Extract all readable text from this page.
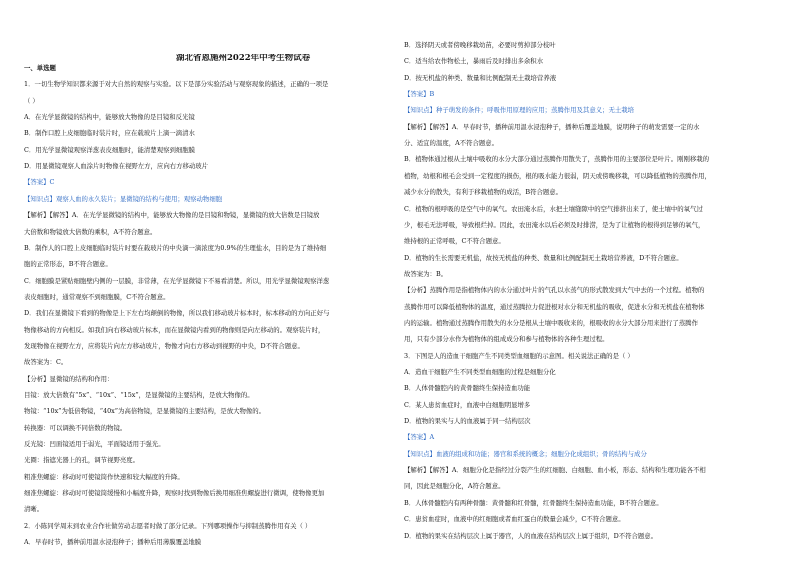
湖北省恩施州2022年中考生物试卷
一、单选题
1．一切生物学知识都来源于对大自然的观察与实验。以下是部分实验活动与观察现象的描述，正确的一项是
（ ）
A．在光学显微镜的结构中，能够放大物像的是目镜和反光镜
B．制作口腔上皮细胞临时装片时，应在载玻片上滴一滴清水
C．用光学显微镜观察洋葱表皮细胞时，能清楚观察到细胞膜
D．用显微镜观察人血涂片时物像在视野左方，应向右方移动玻片
【答案】C
【知识点】观察人血的永久装片；显微镜的结构与使用；观察动物细胞
【解析】【解答】A．在光学显微镜的结构中，能够放大物像的是目镜和物镜，显微镜的放大倍数是目镜放
大倍数和物镜放大倍数的乘积，A不符合题意。
B．制作人的口腔上皮细胞临时装片时要在载玻片的中央滴一滴浓度为0.9%的生理盐水，目的是为了维持细
胞的正常形态，B不符合题意。
C．细胞膜是紧贴细胞壁内侧的一层膜，非常薄，在光学显微镜下不易看清楚。所以，用光学显微镜观察洋葱
表皮细胞时，通常观察不到细胞膜，C不符合题意。
D．我们在显微镜下看到的物像是上下左右均颠倒的物像，所以我们移动玻片标本时，标本移动的方向正好与
物像移动的方向相反。如我们向右移动玻片标本，而在显微镜内看到的物像则是向左移动的。观察装片时，
发现物像在视野左方，应将装片向左方移动玻片，物像才向右方移动到视野的中央，D不符合题意。
故答案为：C。
【分析】显微镜的结构和作用：
目镜：放大倍数有“5x”、“10x”、“15x”，是显微镜的主要结构，是放大物像的。
物镜：“10x”为低倍物镜，“40x”为高倍物镜，是显微镜的主要结构，是放大物像的。
转换器：可以调换不同倍数的物镜。
反光镜：凹面镜适用于弱光，平面镜适用于强光。
光圈：指遮光器上的孔，调节视野亮度。
粗准焦螺旋：移动时可使镜筒作快速和较大幅度的升降。
细准焦螺旋：移动时可使镜筒缓慢和小幅度升降，观察时找到物像后换用细准焦螺旋进行微调，使物像更加
清晰。
2．小陈同学周末到农业合作社做劳动志愿者时做了部分记录。下列哪项操作与抑制蒸腾作用有关（ ）
A．早春时节，播种前用温水浸泡种子；播种后用薄膜覆盖地膜
B．选择阴天或者傍晚移栽幼苗，必要时剪掉部分枝叶
C．适当给农作物松土，暴雨后及时排出多余积水
D．按无机盐的种类、数量和比例配制无土栽培营养液
【答案】B
【知识点】种子萌发的条件；呼吸作用原理的应用；蒸腾作用及其意义；无土栽培
【解析】【解答】A．早春时节，播种前用温水浸泡种子，播种后覆盖地膜，说明种子的萌发需要一定的水
分、适宜的温度，A不符合题意。
B．植物体通过根从土壤中吸收的水分大部分通过蒸腾作用散失了，蒸腾作用的主要部位是叶片。刚刚移栽的
植物，幼根和根毛会受到一定程度的损伤，根的吸水能力很弱，阴天或傍晚移栽，可以降低植物的蒸腾作用，
减少水分的散失，有利于移栽植物的成活，B符合题意。
C．植物的根呼吸的是空气中的氧气。农田淹水后，水把土壤缝隙中的空气排挤出来了，使土壤中的氧气过
少，根毛无法呼吸，导致根烂掉。因此，农田淹水以后必须及时排涝，是为了让植物的根得到足够的氧气，
维持根的正常呼吸，C不符合题意。
D．植物的生长需要无机盐，故按无机盐的种类、数量和比例配制无土栽培营养液，D不符合题意。
故答案为：B。
【分析】蒸腾作用是指植物体内的水分通过叶片的气孔以水蒸气的形式散发到大气中去的一个过程。植物的
蒸腾作用可以降低植物体的温度，通过蒸腾拉力促进根对水分和无机盐的吸收，促进水分和无机盐在植物体
内的运输。植物通过蒸腾作用散失的水分是根从土壤中吸收来的，根吸收的水分大部分用来进行了蒸腾作
用，只有少部分水作为植物体的组成成分和参与植物体的各种生理过程。
3．下图是人的造血干细胞产生不同类型血细胞的示意图。相关说法正确的是（ ）
A．造血干细胞产生不同类型血细胞的过程是细胞分化
B．人体骨髓腔内的黄骨髓终生保持造血功能
C．某人患贫血症时，血液中白细胞明显增多
D．植物的果实与人的血液属于同一结构层次
【答案】A
【知识点】血液的组成和功能；器官和系统的概念；细胞分化成组织；骨的结构与成分
【解析】【解答】A．细胞分化是指经过分裂产生的红细胞、白细胞、血小板，形态、结构和生理功能各不相
同，因此是细胞分化，A符合题意。
B．人体骨髓腔内有两种骨髓：黄骨髓和红骨髓，红骨髓终生保持造血功能，B不符合题意。
C．患贫血症时，血液中的红细胞或者血红蛋白的数量会减少，C不符合题意。
D．植物的果实在结构层次上属于器官，人的血液在结构层次上属于组织，D不符合题意。
